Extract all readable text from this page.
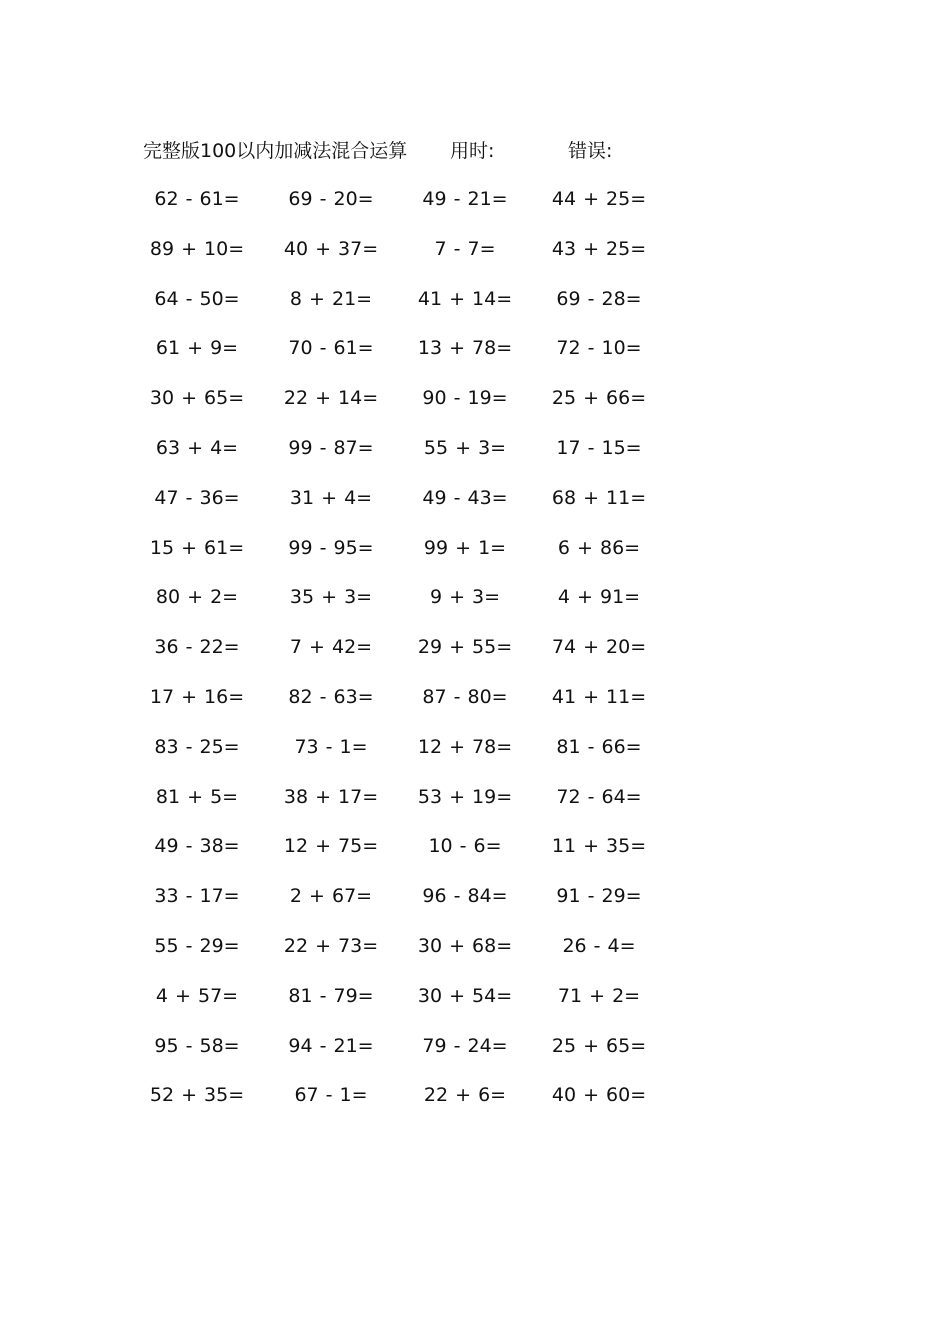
完整版100以内加减法混合运算 用时:	错误:
62 - 61=	69 - 20=	49 - 21=	44 + 25=
89 + 10=	40 + 37=	7 - 7=	43 + 25=
64 - 50=	8 + 21=	41 + 14=	69 - 28=
61 + 9=	70 - 61=	13 + 78=	72 - 10=
30 + 65=	22 + 14=	90 - 19=	25 + 66=
63 + 4=	99 - 87=	55 + 3=	17 - 15=
47 - 36=	31 + 4=	49 - 43=	68 + 11=
15 + 61=	99 - 95=	99 + 1=	6 + 86=
80 + 2=	35 + 3=	9 + 3=	4 + 91=
36 - 22=	7 + 42=	29 + 55=	74 + 20=
17 + 16=	82 - 63=	87 - 80=	41 + 11=
83 - 25=	73 - 1=	12 + 78=	81 - 66=
81 + 5=	38 + 17=	53 + 19=	72 - 64=
49 - 38=	12 + 75=	10 - 6=	11 + 35=
33 - 17=	2 + 67=	96 - 84=	91 - 29=
55 - 29=	22 + 73=	30 + 68=	26 - 4=
4 + 57=	81 - 79=	30 + 54=	71 + 2=
95 - 58=	94 - 21=	79 - 24=	25 + 65=
52 + 35=	67 - 1=	22 + 6=	40 + 60=
